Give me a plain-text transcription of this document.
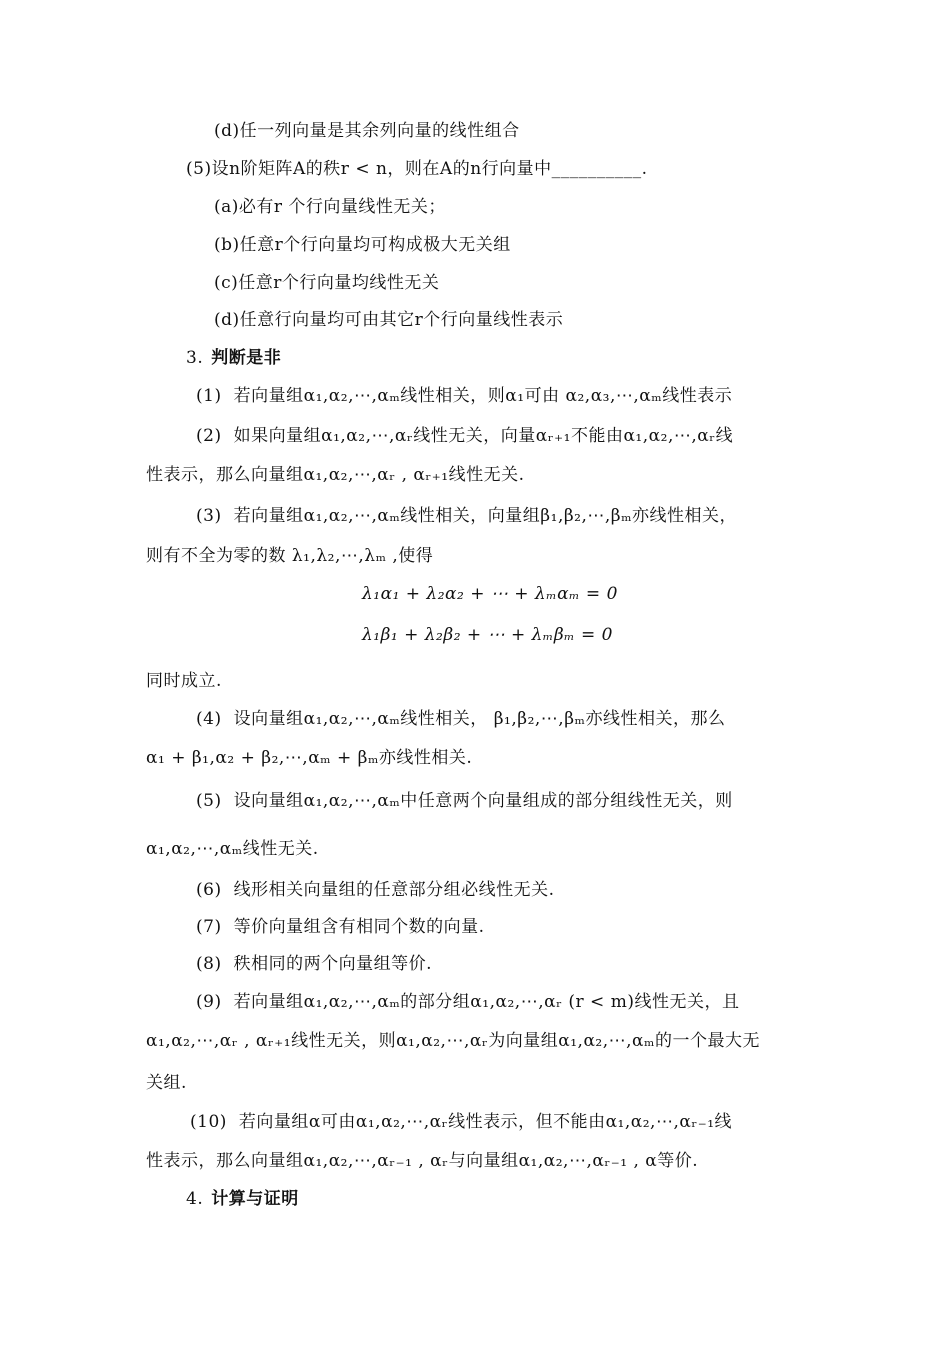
(d)任一列向量是其余列向量的线性组合
(5)设n阶矩阵A的秩r < n，则在A的n行向量中__________.
(a)必有r 个行向量线性无关；
(b)任意r个行向量均可构成极大无关组
(c)任意r个行向量均线性无关
(d)任意行向量均可由其它r个行向量线性表示
3. 判断是非
(1) 若向量组α₁,α₂,⋯,αₘ线性相关，则α₁可由 α₂,α₃,⋯,αₘ线性表示
(2) 如果向量组α₁,α₂,⋯,αᵣ线性无关，向量αᵣ₊₁不能由α₁,α₂,⋯,αᵣ线
性表示，那么向量组α₁,α₂,⋯,αᵣ , αᵣ₊₁线性无关.
(3) 若向量组α₁,α₂,⋯,αₘ线性相关，向量组β₁,β₂,⋯,βₘ亦线性相关，
则有不全为零的数 λ₁,λ₂,⋯,λₘ ,使得
λ₁α₁ + λ₂α₂ + ⋯ + λₘαₘ = 0
λ₁β₁ + λ₂β₂ + ⋯ + λₘβₘ = 0
同时成立.
(4) 设向量组α₁,α₂,⋯,αₘ线性相关， β₁,β₂,⋯,βₘ亦线性相关，那么
α₁ + β₁,α₂ + β₂,⋯,αₘ + βₘ亦线性相关.
(5) 设向量组α₁,α₂,⋯,αₘ中任意两个向量组成的部分组线性无关，则
α₁,α₂,⋯,αₘ线性无关.
(6) 线形相关向量组的任意部分组必线性无关.
(7) 等价向量组含有相同个数的向量.
(8) 秩相同的两个向量组等价.
(9) 若向量组α₁,α₂,⋯,αₘ的部分组α₁,α₂,⋯,αᵣ (r < m)线性无关，且
α₁,α₂,⋯,αᵣ , αᵣ₊₁线性无关，则α₁,α₂,⋯,αᵣ为向量组α₁,α₂,⋯,αₘ的一个最大无
关组.
(10) 若向量组α可由α₁,α₂,⋯,αᵣ线性表示，但不能由α₁,α₂,⋯,αᵣ₋₁线
性表示，那么向量组α₁,α₂,⋯,αᵣ₋₁ , αᵣ与向量组α₁,α₂,⋯,αᵣ₋₁ , α等价.
4. 计算与证明
